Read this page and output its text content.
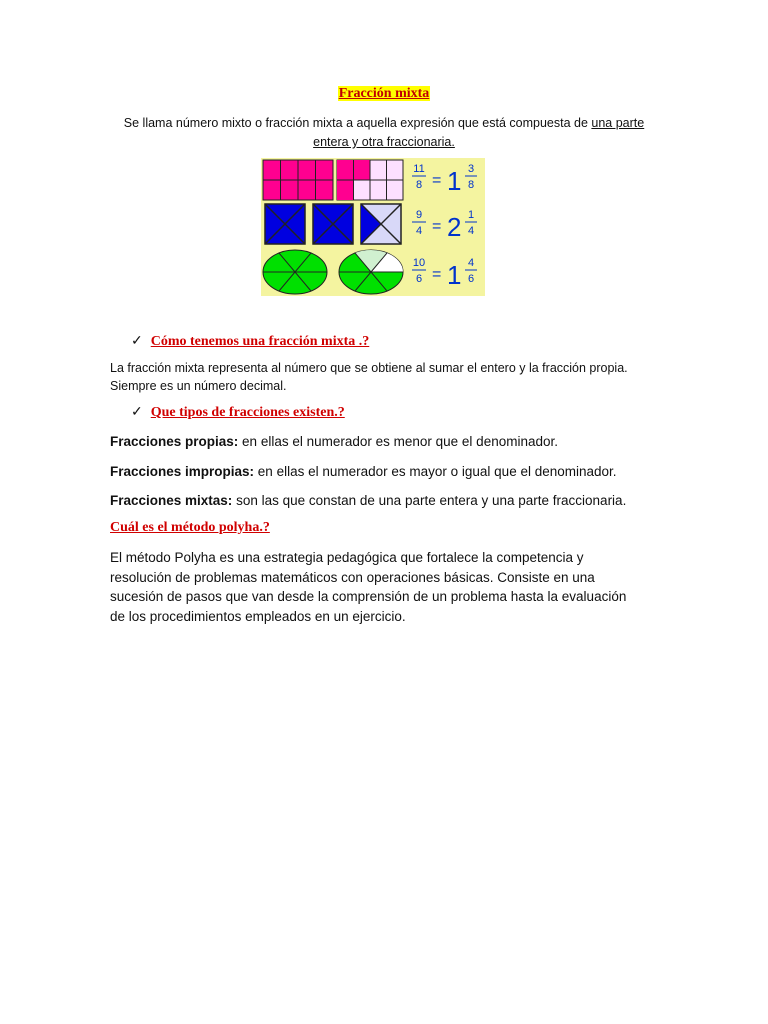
Fracción mixta
Se llama número mixto o fracción mixta a aquella expresión que está compuesta de una parte entera y otra fraccionaria.
11
8 = 1 3
8
9
4 = 2 1
4
10
6 = 1 4
6
✓ Cómo tenemos una fracción mixta .?
La fracción mixta representa al número que se obtiene al sumar el entero y la fracción propia.
Siempre es un número decimal.
✓ Que tipos de fracciones existen.?
Fracciones propias: en ellas el numerador es menor que el denominador.
Fracciones impropias: en ellas el numerador es mayor o igual que el denominador.
Fracciones mixtas: son las que constan de una parte entera y una parte fraccionaria.
Cuál es el método polyha.?
El método Polyha es una estrategia pedagógica que fortalece la competencia y
resolución de problemas matemáticos con operaciones básicas. Consiste en una
sucesión de pasos que van desde la comprensión de un problema hasta la evaluación
de los procedimientos empleados en un ejercicio.
